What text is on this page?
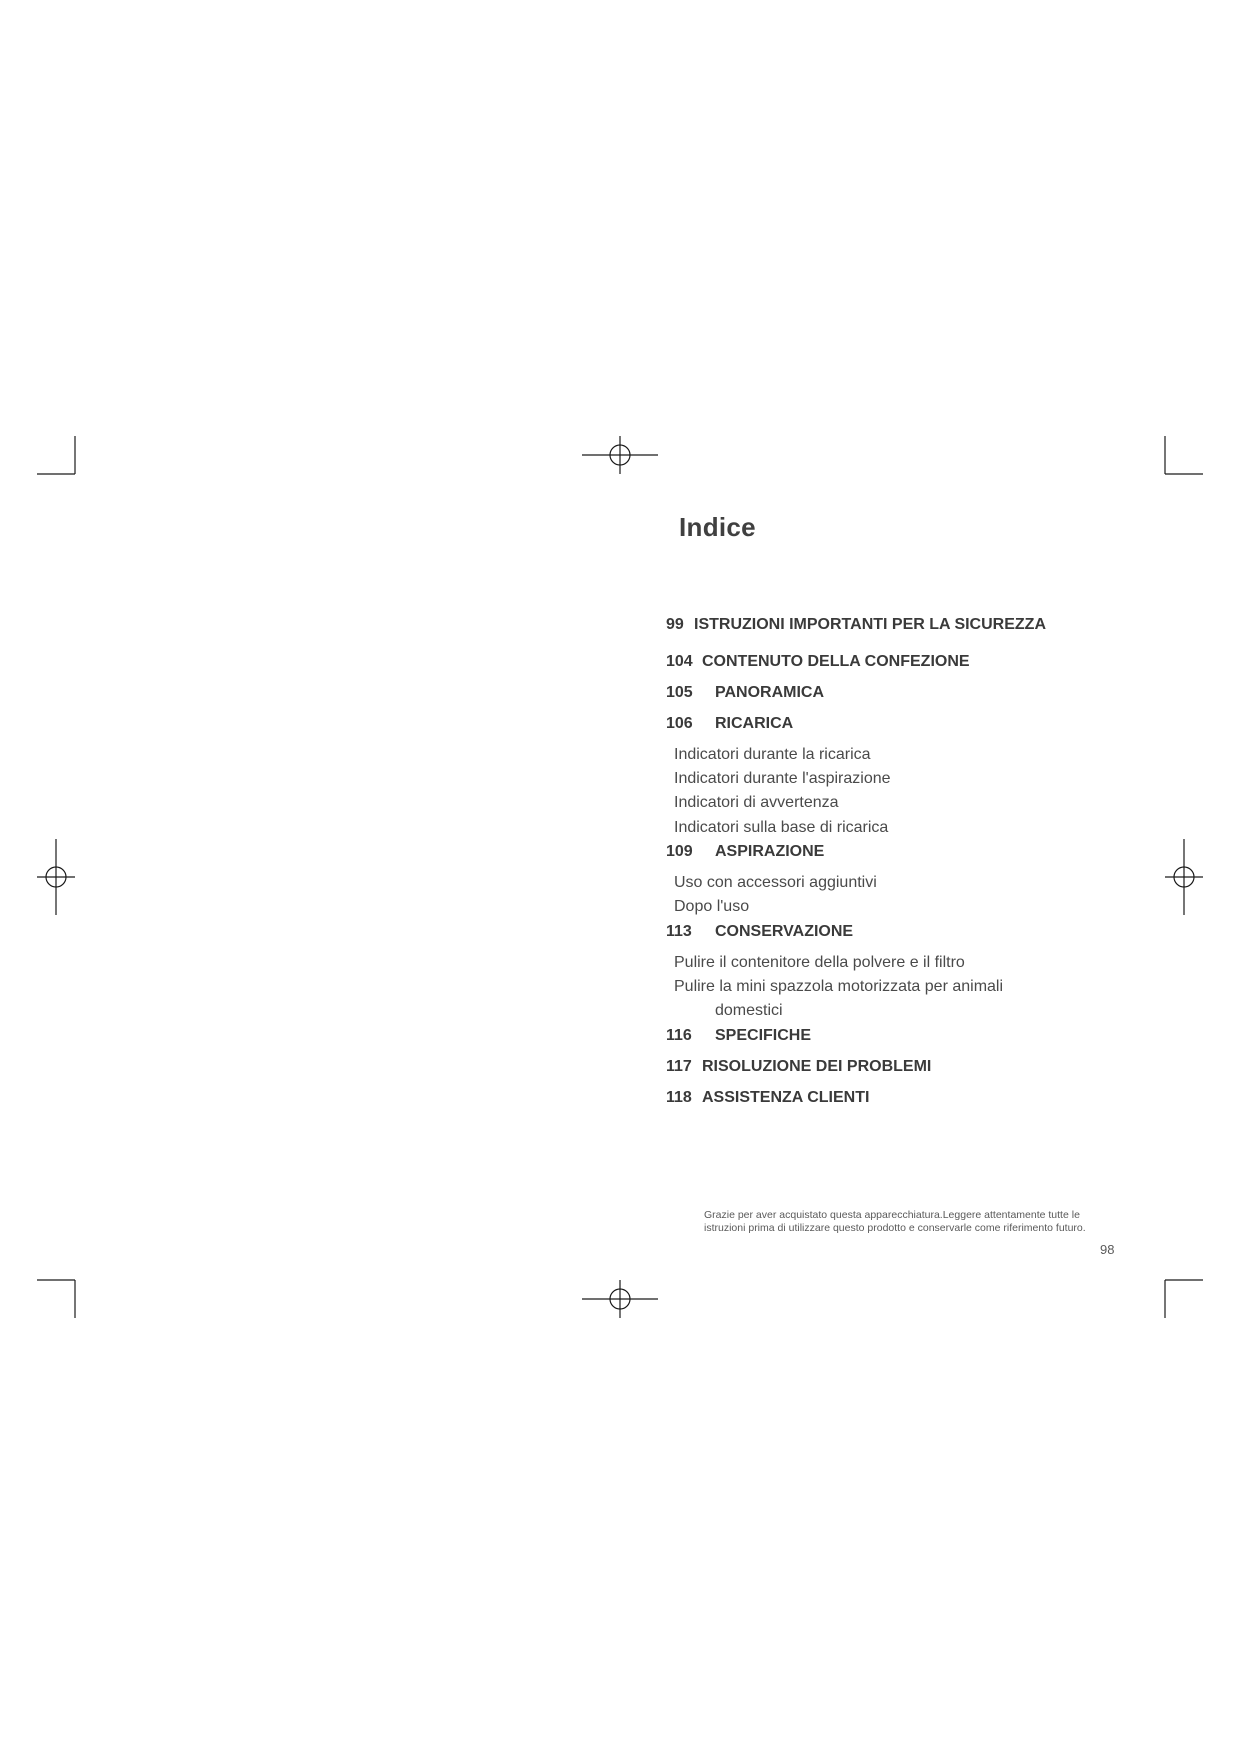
Indice
99 ISTRUZIONI IMPORTANTI PER LA SICUREZZA
104 CONTENUTO DELLA CONFEZIONE
105 PANORAMICA
106 RICARICA
Indicatori durante la ricarica
Indicatori durante l'aspirazione
Indicatori di avvertenza
Indicatori sulla base di ricarica
109 ASPIRAZIONE
Uso con accessori aggiuntivi
Dopo l'uso
113 CONSERVAZIONE
Pulire il contenitore della polvere e il filtro
Pulire la mini spazzola motorizzata per animali
domestici
116 SPECIFICHE
117 RISOLUZIONE DEI PROBLEMI
118 ASSISTENZA CLIENTI
Grazie per aver acquistato questa apparecchiatura.Leggere attentamente tutte le
istruzioni prima di utilizzare questo prodotto e conservarle come riferimento futuro.
98
